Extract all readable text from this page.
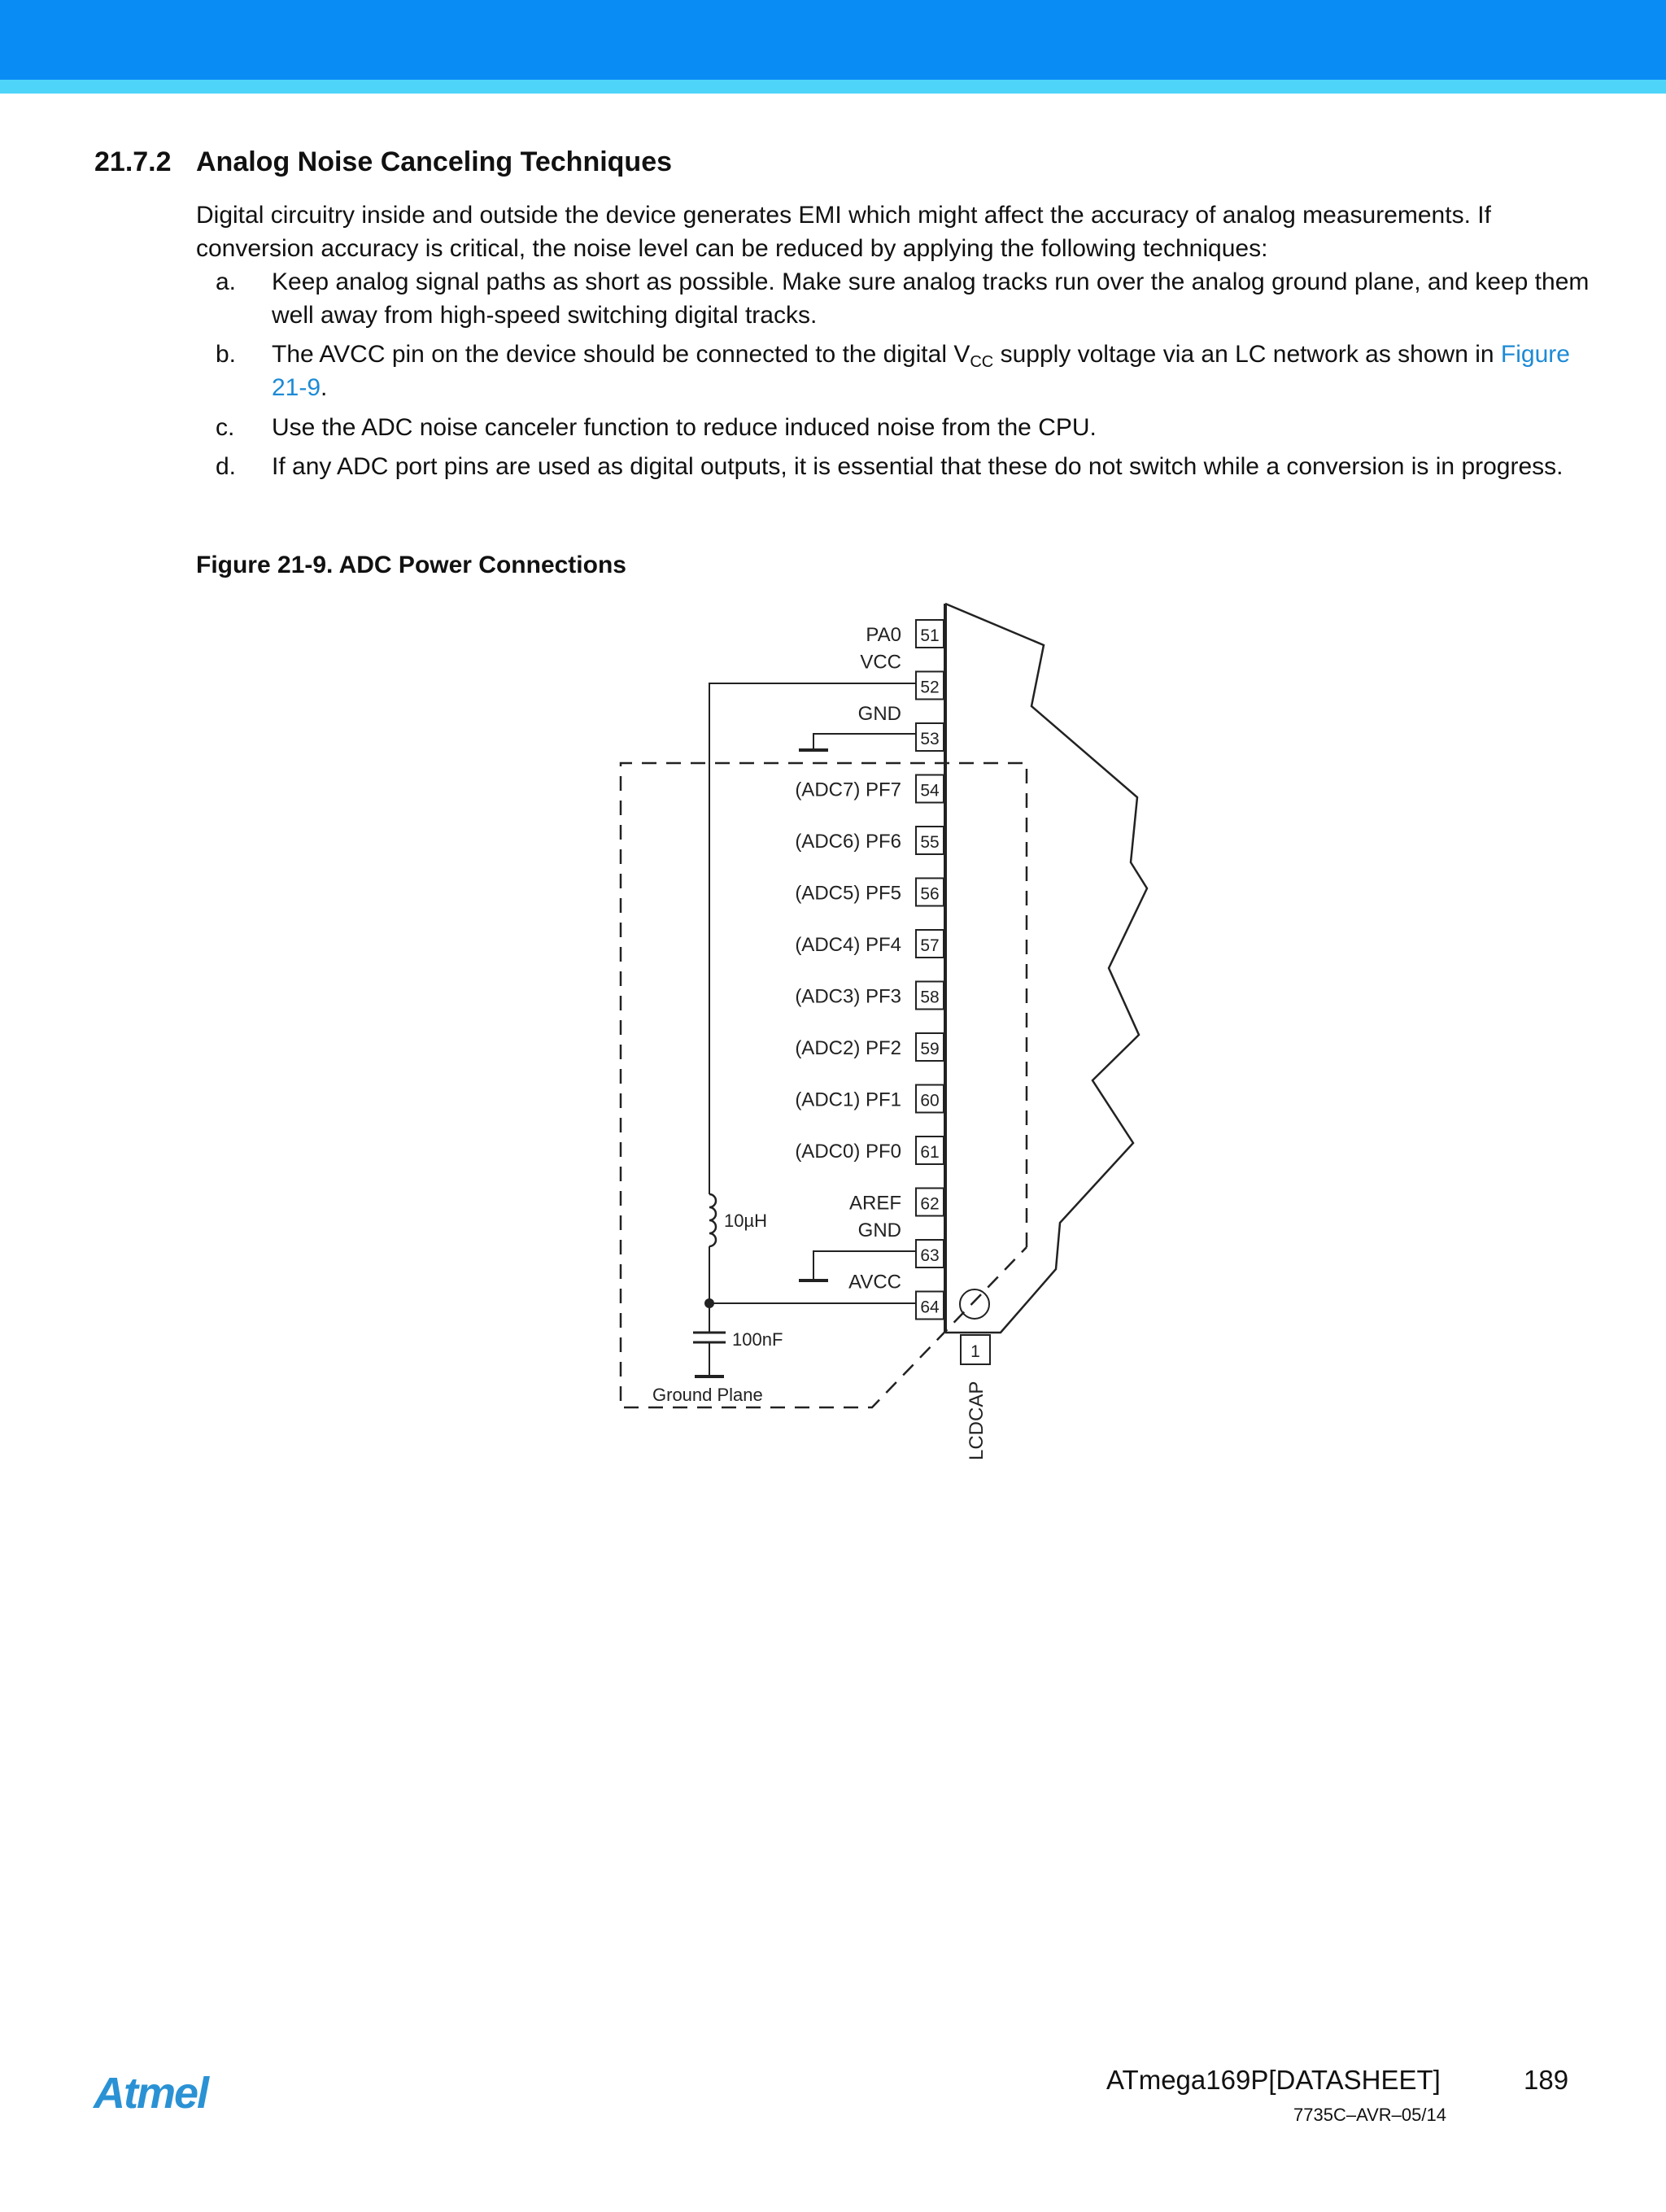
21.7.2 Analog Noise Canceling Techniques
Digital circuitry inside and outside the device generates EMI which might affect the accuracy of analog measurements. If conversion accuracy is critical, the noise level can be reduced by applying the following techniques:
a. Keep analog signal paths as short as possible. Make sure analog tracks run over the analog ground plane, and keep them well away from high-speed switching digital tracks.
b. The AVCC pin on the device should be connected to the digital $V_{CC}$ supply voltage via an LC network as shown in Figure 21-9.
c. Use the ADC noise canceler function to reduce induced noise from the CPU.
d. If any ADC port pins are used as digital outputs, it is essential that these do not switch while a conversion is in progress.
Figure 21-9. ADC Power Connections
51
PA0
52
VCC
53
GND
54
(ADC7) PF7
55
(ADC6) PF6
56
(ADC5) PF5
57
(ADC4) PF4
58
(ADC3) PF3
59
(ADC2) PF2
60
(ADC1) PF1
61
(ADC0) PF0
62
AREF
63
GND
64
AVCC
1
LCDCAP
Ground Plane
10µH
100nF
Atmel	ATmega169P[DATASHEET]	189
7735C–AVR–05/14
